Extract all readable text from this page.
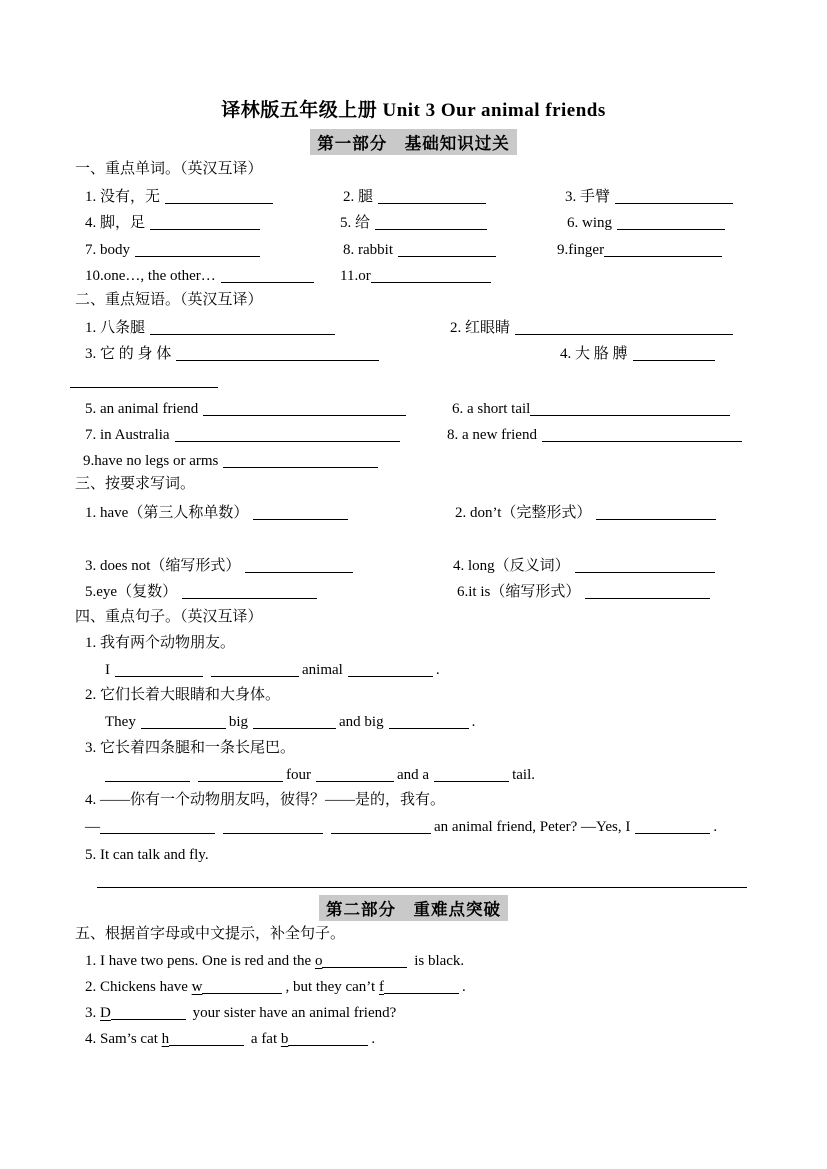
译林版五年级上册 Unit 3 Our animal friends
第一部分　基础知识过关
一、重点单词。（英汉互译）
1. 没有，无	2. 腿	3. 手臂
4. 脚，足	5. 给	6. wing
7. body	8. rabbit	9.finger
10.one…, the other…	11.or
二、重点短语。（英汉互译）
1. 八条腿	2. 红眼睛
3. 它 的 身 体	4. 大 胳 膊
5. an animal friend	6. a short tail
7. in Australia	8. a new friend
9.have no legs or arms
三、按要求写词。
1. have（第三人称单数）	2. don’t（完整形式）
3. does not（缩写形式）	4. long（反义词）
5.eye（复数）	6.it is（缩写形式）
四、重点句子。（英汉互译）
1. 我有两个动物朋友。
I	animal	.
2. 它们长着大眼睛和大身体。
They	big	and big	.
3. 它长着四条腿和一条长尾巴。
four	and a	tail.
4. ——你有一个动物朋友吗，彼得？——是的，我有。
—	an animal friend, Peter? —Yes, I	.
5. It can talk and fly.
第二部分　重难点突破
五、根据首字母或中文提示，补全句子。
1. I have two pens. One is red and the o	is black.
2. Chickens have w	, but they can’t f	.
3. D	your sister have an animal friend?
4. Sam’s cat h	a fat b	.
